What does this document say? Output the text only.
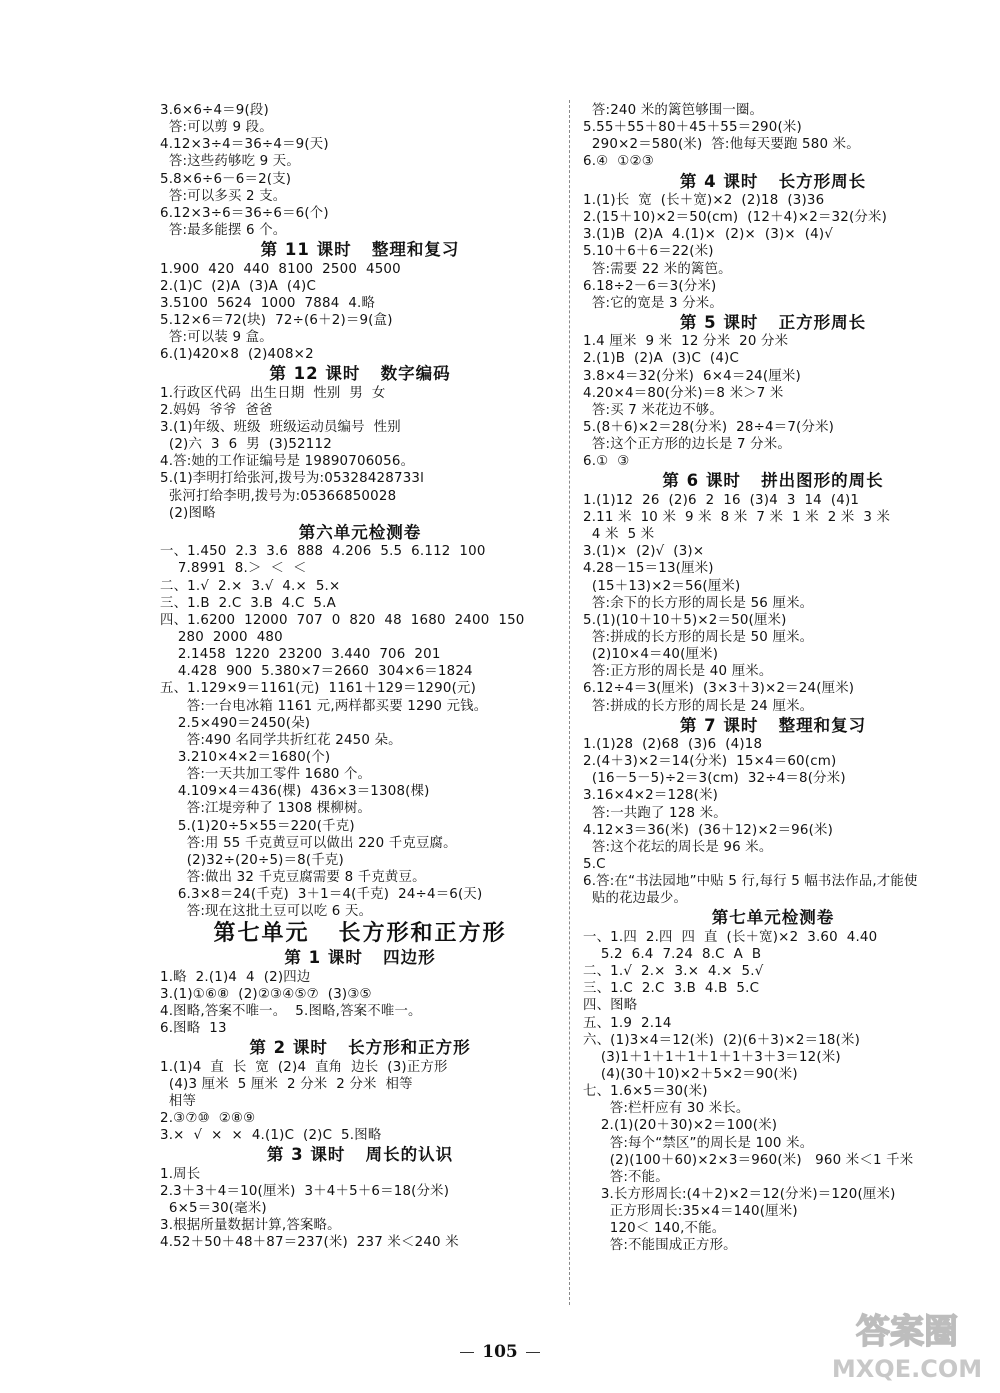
3.6×6÷4＝9(段)
答:可以剪 9 段。
4.12×3÷4＝36÷4＝9(天)
答:这些药够吃 9 天。
5.8×6÷6－6＝2(支)
答:可以多买 2 支。
6.12×3÷6＝36÷6＝6(个)
答:最多能摆 6 个。
第 11 课时   整理和复习
1.900  420  440  8100  2500  4500
2.(1)C  (2)A  (3)A  (4)C
3.5100  5624  1000  7884  4.略
5.12×6＝72(块)  72÷(6＋2)＝9(盒)
答:可以装 9 盒。
6.(1)420×8  (2)408×2
第 12 课时   数字编码
1.行政区代码  出生日期  性别  男  女
2.妈妈  爷爷  爸爸
3.(1)年级、班级  班级运动员编号  性别
(2)六  3  6  男  (3)52112
4.答:她的工作证编号是 19890706056。
5.(1)李明打给张河,拨号为:05328428733l
张河打给李明,拨号为:05366850028
(2)图略
第六单元检测卷
一、1.450  2.3  3.6  888  4.206  5.5  6.112  100
7.8991  8.＞  ＜  ＜
二、1.√  2.×  3.√  4.×  5.×
三、1.B  2.C  3.B  4.C  5.A
四、1.6200  12000  707  0  820  48  1680  2400  150
280  2000  480
2.1458  1220  23200  3.440  706  201
4.428  900  5.380×7＝2660  304×6＝1824
五、1.129×9＝1161(元)  1161＋129＝1290(元)
答:一台电冰箱 1161 元,两样都买要 1290 元钱。
2.5×490＝2450(朵)
答:490 名同学共折红花 2450 朵。
3.210×4×2＝1680(个)
答:一天共加工零件 1680 个。
4.109×4＝436(棵)  436×3＝1308(棵)
答:江堤旁种了 1308 棵柳树。
5.(1)20÷5×55＝220(千克)
答:用 55 千克黄豆可以做出 220 千克豆腐。
(2)32÷(20÷5)＝8(千克)
答:做出 32 千克豆腐需要 8 千克黄豆。
6.3×8＝24(千克)  3＋1＝4(千克)  24÷4＝6(天)
答:现在这批土豆可以吃 6 天。
第七单元   长方形和正方形
第 1 课时   四边形
1.略  2.(1)4  4  (2)四边
3.(1)①⑥⑧  (2)②③④⑤⑦  (3)③⑤
4.图略,答案不唯一。  5.图略,答案不唯一。
6.图略  13
第 2 课时   长方形和正方形
1.(1)4  直  长  宽  (2)4  直角  边长  (3)正方形
(4)3 厘米  5 厘米  2 分米  2 分米  相等
相等
2.③⑦⑩  ②⑧⑨
3.×  √  ×  ×  4.(1)C  (2)C  5.图略
第 3 课时   周长的认识
1.周长
2.3＋3＋4＝10(厘米)  3＋4＋5＋6＝18(分米)
6×5＝30(毫米)
3.根据所量数据计算,答案略。
4.52＋50＋48＋87＝237(米)  237 米＜240 米
答:240 米的篱笆够围一圈。
5.55＋55＋80＋45＋55＝290(米)
290×2＝580(米)  答:他每天要跑 580 米。
6.④  ①②③
第 4 课时   长方形周长
1.(1)长  宽  (长＋宽)×2  (2)18  (3)36
2.(15＋10)×2＝50(cm)  (12＋4)×2＝32(分米)
3.(1)B  (2)A  4.(1)×  (2)×  (3)×  (4)√
5.10＋6＋6＝22(米)
答:需要 22 米的篱笆。
6.18÷2－6＝3(分米)
答:它的宽是 3 分米。
第 5 课时   正方形周长
1.4 厘米  9 米  12 分米  20 分米
2.(1)B  (2)A  (3)C  (4)C
3.8×4＝32(分米)  6×4＝24(厘米)
4.20×4＝80(分米)＝8 米＞7 米
答:买 7 米花边不够。
5.(8＋6)×2＝28(分米)  28÷4＝7(分米)
答:这个正方形的边长是 7 分米。
6.①  ③
第 6 课时   拼出图形的周长
1.(1)12  26  (2)6  2  16  (3)4  3  14  (4)1
2.11 米  10 米  9 米  8 米  7 米  1 米  2 米  3 米
4 米  5 米
3.(1)×  (2)√  (3)×
4.28－15＝13(厘米)
(15＋13)×2＝56(厘米)
答:余下的长方形的周长是 56 厘米。
5.(1)(10＋10＋5)×2＝50(厘米)
答:拼成的长方形的周长是 50 厘米。
(2)10×4＝40(厘米)
答:正方形的周长是 40 厘米。
6.12÷4＝3(厘米)  (3×3＋3)×2＝24(厘米)
答:拼成的长方形的周长是 24 厘米。
第 7 课时   整理和复习
1.(1)28  (2)68  (3)6  (4)18
2.(4＋3)×2＝14(分米)  15×4＝60(cm)
(16－5－5)÷2＝3(cm)  32÷4＝8(分米)
3.16×4×2＝128(米)
答:一共跑了 128 米。
4.12×3＝36(米)  (36＋12)×2＝96(米)
答:这个花坛的周长是 96 米。
5.C
6.答:在“书法园地”中贴 5 行,每行 5 幅书法作品,才能使
贴的花边最少。
第七单元检测卷
一、1.四  2.四  四  直  (长＋宽)×2  3.60  4.40
5.2  6.4  7.24  8.C  A  B
二、1.√  2.×  3.×  4.×  5.√
三、1.C  2.C  3.B  4.B  5.C
四、图略
五、1.9  2.14
六、(1)3×4＝12(米)  (2)(6＋3)×2＝18(米)
(3)1＋1＋1＋1＋1＋1＋3＋3＝12(米)
(4)(30＋10)×2＋5×2＝90(米)
七、1.6×5＝30(米)
答:栏杆应有 30 米长。
2.(1)(20＋30)×2＝100(米)
答:每个“禁区”的周长是 100 米。
(2)(100＋60)×2×3＝960(米)   960 米＜1 千米
答:不能。
3.长方形周长:(4＋2)×2＝12(分米)＝120(厘米)
正方形周长:35×4＝140(厘米)
120＜ 140,不能。
答:不能围成正方形。
105	答案圈
MXQE.COM
